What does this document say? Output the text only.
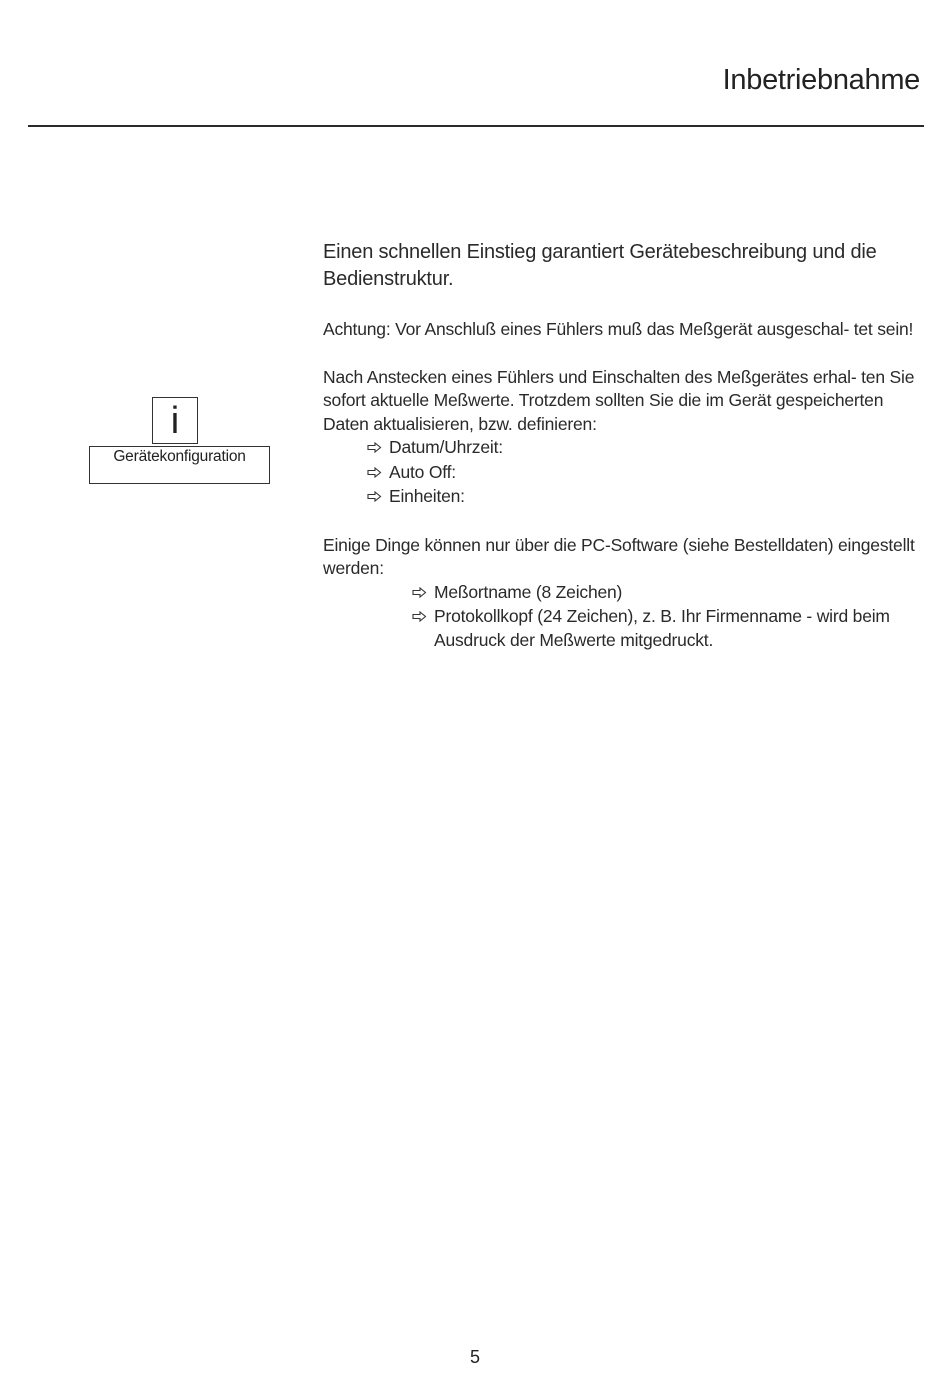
Inbetriebnahme
i
Gerätekonfiguration

Einen schnellen Einstieg garantiert Gerätebeschreibung und die Bedienstruktur.

Achtung: Vor Anschluß eines Fühlers muß das Meßgerät ausgeschal- tet sein!

Nach Anstecken eines Fühlers und Einschalten des Meßgerätes erhal- ten Sie sofort aktuelle Meßwerte. Trotzdem sollten Sie die im Gerät gespeicherten Daten aktualisieren, bzw. definieren:

Datum/Uhrzeit:
Auto Off:
Einheiten:

Einige Dinge können nur über die PC-Software (siehe Bestelldaten) eingestellt werden:

Meßortname (8 Zeichen)
Protokollkopf (24 Zeichen), z. B. Ihr Firmenname - wird beim Ausdruck der Meßwerte mitgedruckt.
5
